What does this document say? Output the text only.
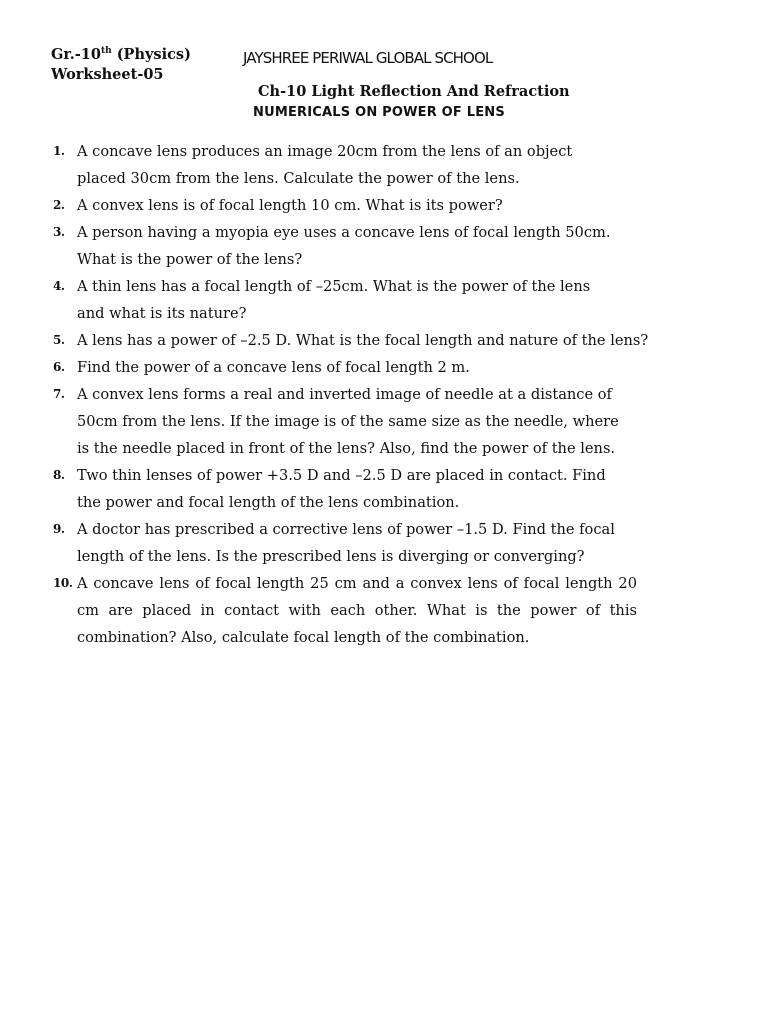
Gr.-10th (Physics)
Worksheet-05
JAYSHREE PERIWAL GLOBAL SCHOOL
Ch-10 Light Reflection And Refraction
NUMERICALS ON POWER OF LENS
1. A concave lens produces an image 20cm from the lens of an object
placed 30cm from the lens. Calculate the power of the lens.
2. A convex lens is of focal length 10 cm. What is its power?
3. A person having a myopia eye uses a concave lens of focal length 50cm.
What is the power of the lens?
4. A thin lens has a focal length of –25cm. What is the power of the lens
and what is its nature?
5. A lens has a power of –2.5 D. What is the focal length and nature of the lens?
6. Find the power of a concave lens of focal length 2 m.
7. A convex lens forms a real and inverted image of needle at a distance of
50cm from the lens. If the image is of the same size as the needle, where
is the needle placed in front of the lens? Also, find the power of the lens.
8. Two thin lenses of power +3.5 D and –2.5 D are placed in contact. Find
the power and focal length of the lens combination.
9. A doctor has prescribed a corrective lens of power –1.5 D. Find the focal
length of the lens. Is the prescribed lens is diverging or converging?
10. A concave lens of focal length 25 cm and a convex lens of focal length 20 cm are placed in contact with each other. What is the power of this combination? Also, calculate focal length of the combination.
